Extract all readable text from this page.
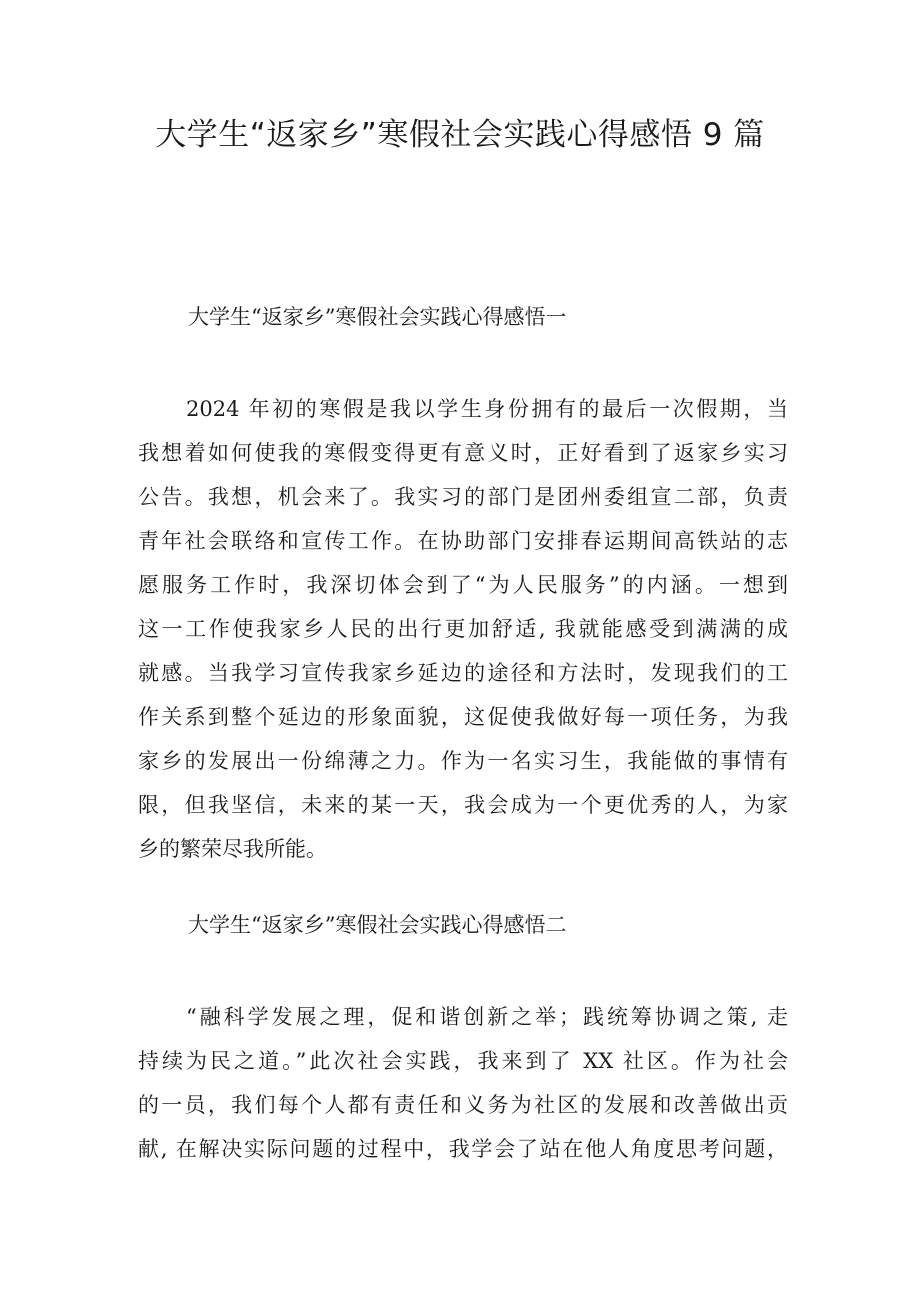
大学生“返家乡”寒假社会实践心得感悟 9 篇
大学生“返家乡”寒假社会实践心得感悟一
2024 年初的寒假是我以学生身份拥有的最后一次假期，当
我想着如何使我的寒假变得更有意义时，正好看到了返家乡实习
公告。我想，机会来了。我实习的部门是团州委组宣二部，负责
青年社会联络和宣传工作。在协助部门安排春运期间高铁站的志
愿服务工作时，我深切体会到了“为人民服务”的内涵。一想到
这一工作使我家乡人民的出行更加舒适, 我就能感受到满满的成
就感。当我学习宣传我家乡延边的途径和方法时，发现我们的工
作关系到整个延边的形象面貌，这促使我做好每一项任务，为我
家乡的发展出一份绵薄之力。作为一名实习生，我能做的事情有
限，但我坚信，未来的某一天，我会成为一个更优秀的人，为家
乡的繁荣尽我所能。
大学生“返家乡”寒假社会实践心得感悟二
“融科学发展之理，促和谐创新之举；践统筹协调之策, 走
持续为民之道。”此次社会实践，我来到了 XX 社区。作为社会
的一员，我们每个人都有责任和义务为社区的发展和改善做出贡
献, 在解决实际问题的过程中，我学会了站在他人角度思考问题，
